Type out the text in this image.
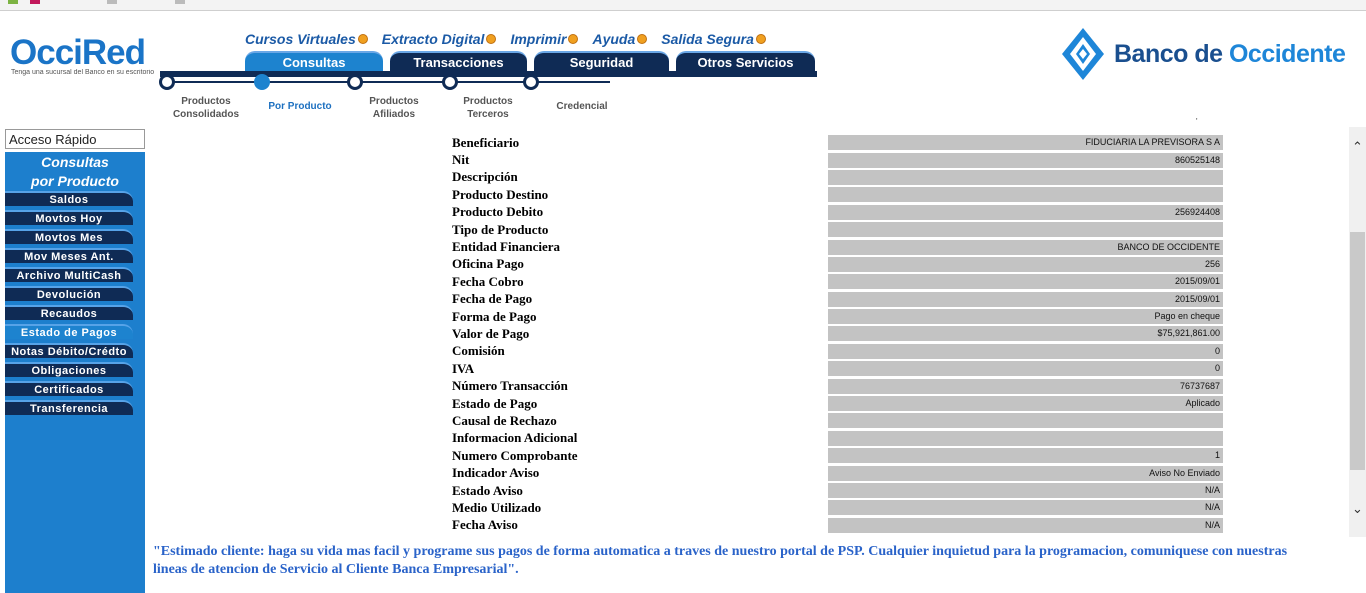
OcciRed
Tenga una sucursal del Banco en su escritorio
Cursos Virtuales Extracto Digital Imprimir Ayuda Salida Segura
Consultas	Transacciones	Seguridad	Otros Servicios
Productos Consolidados
Por Producto	Productos Afiliados
Productos Terceros
Credencial
Banco de Occidente
'
Acceso Rápido
Consultas
por Producto
Saldos
Movtos Hoy
Movtos Mes
Mov Meses Ant.
Archivo MultiCash
Devolución
Recaudos
Estado de Pagos
Notas Débito/Crédto
Obligaciones
Certificados
Transferencia
Beneficiario	FIDUCIARIA LA PREVISORA S A
Nit	860525148
Descripción
Producto Destino
Producto Debito	256924408
Tipo de Producto
Entidad Financiera	BANCO DE OCCIDENTE
Oficina Pago	256
Fecha Cobro	2015/09/01
Fecha de Pago	2015/09/01
Forma de Pago	Pago en cheque
Valor de Pago	$75,921,861.00
Comisión	0
IVA	0
Número Transacción	76737687
Estado de Pago	Aplicado
Causal de Rechazo
Informacion Adicional
Numero Comprobante	1
Indicador Aviso	Aviso No Enviado
Estado Aviso	N/A
Medio Utilizado	N/A
Fecha Aviso	N/A
"Estimado cliente: haga su vida mas facil y programe sus pagos de forma automatica a traves de nuestro portal de PSP. Cualquier inquietud para la programacion, comuniquese con nuestras lineas de atencion de Servicio al Cliente Banca Empresarial".
⌃
⌄
